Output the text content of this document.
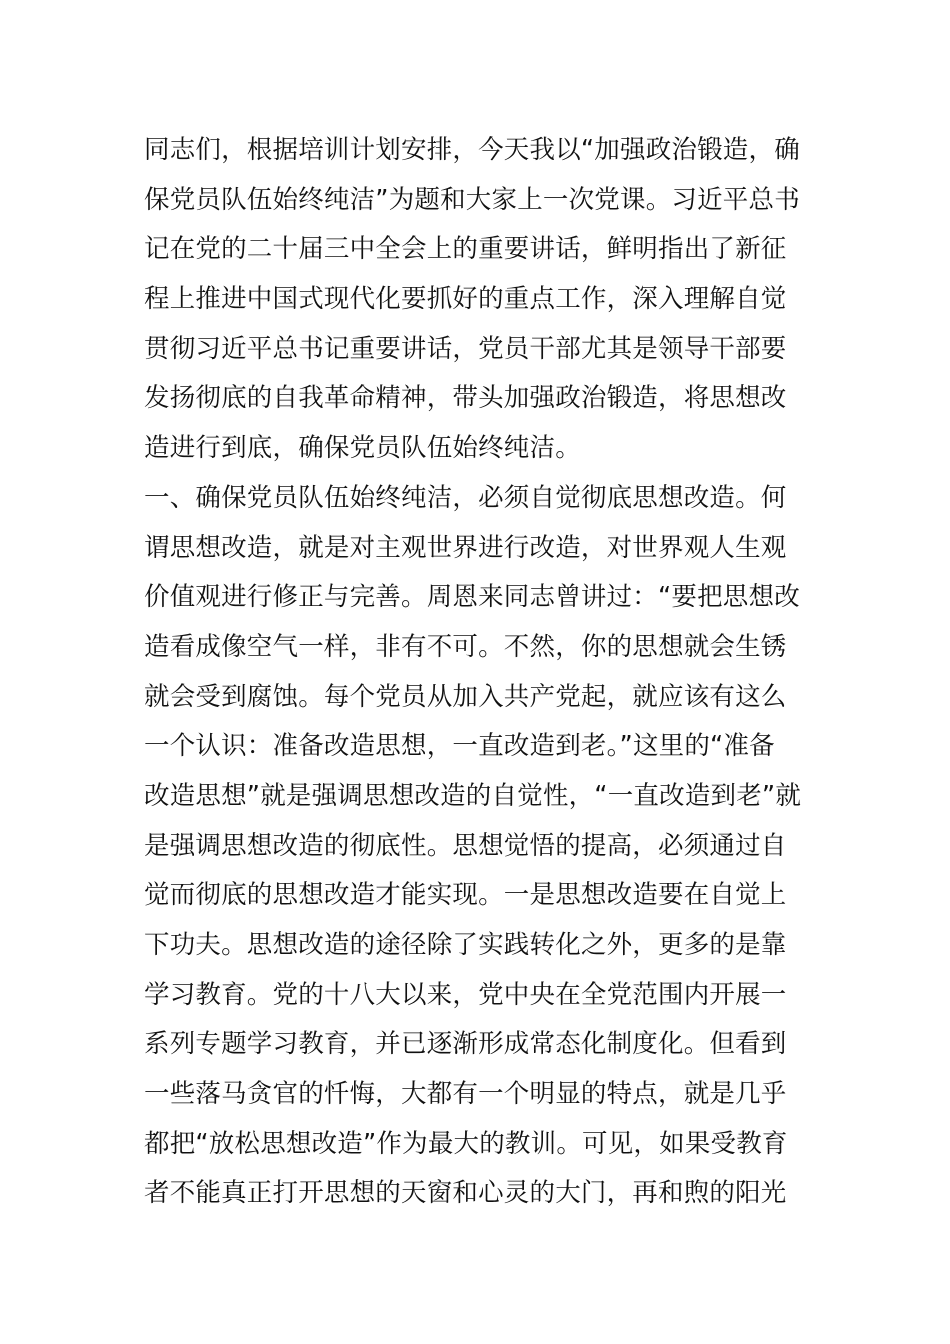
同志们，根据培训计划安排，今天我以“加强政治锻造，确
保党员队伍始终纯洁”为题和大家上一次党课。习近平总书
记在党的二十届三中全会上的重要讲话，鲜明指出了新征
程上推进中国式现代化要抓好的重点工作，深入理解自觉
贯彻习近平总书记重要讲话，党员干部尤其是领导干部要
发扬彻底的自我革命精神，带头加强政治锻造，将思想改
造进行到底，确保党员队伍始终纯洁。
一、确保党员队伍始终纯洁，必须自觉彻底思想改造。何
谓思想改造，就是对主观世界进行改造，对世界观人生观
价值观进行修正与完善。周恩来同志曾讲过：“要把思想改
造看成像空气一样，非有不可。不然，你的思想就会生锈
就会受到腐蚀。每个党员从加入共产党起，就应该有这么
一个认识：准备改造思想，一直改造到老。”这里的“准备
改造思想”就是强调思想改造的自觉性，“一直改造到老”就
是强调思想改造的彻底性。思想觉悟的提高，必须通过自
觉而彻底的思想改造才能实现。一是思想改造要在自觉上
下功夫。思想改造的途径除了实践转化之外，更多的是靠
学习教育。党的十八大以来，党中央在全党范围内开展一
系列专题学习教育，并已逐渐形成常态化制度化。但看到
一些落马贪官的忏悔，大都有一个明显的特点，就是几乎
都把“放松思想改造”作为最大的教训。可见，如果受教育
者不能真正打开思想的天窗和心灵的大门，再和煦的阳光
